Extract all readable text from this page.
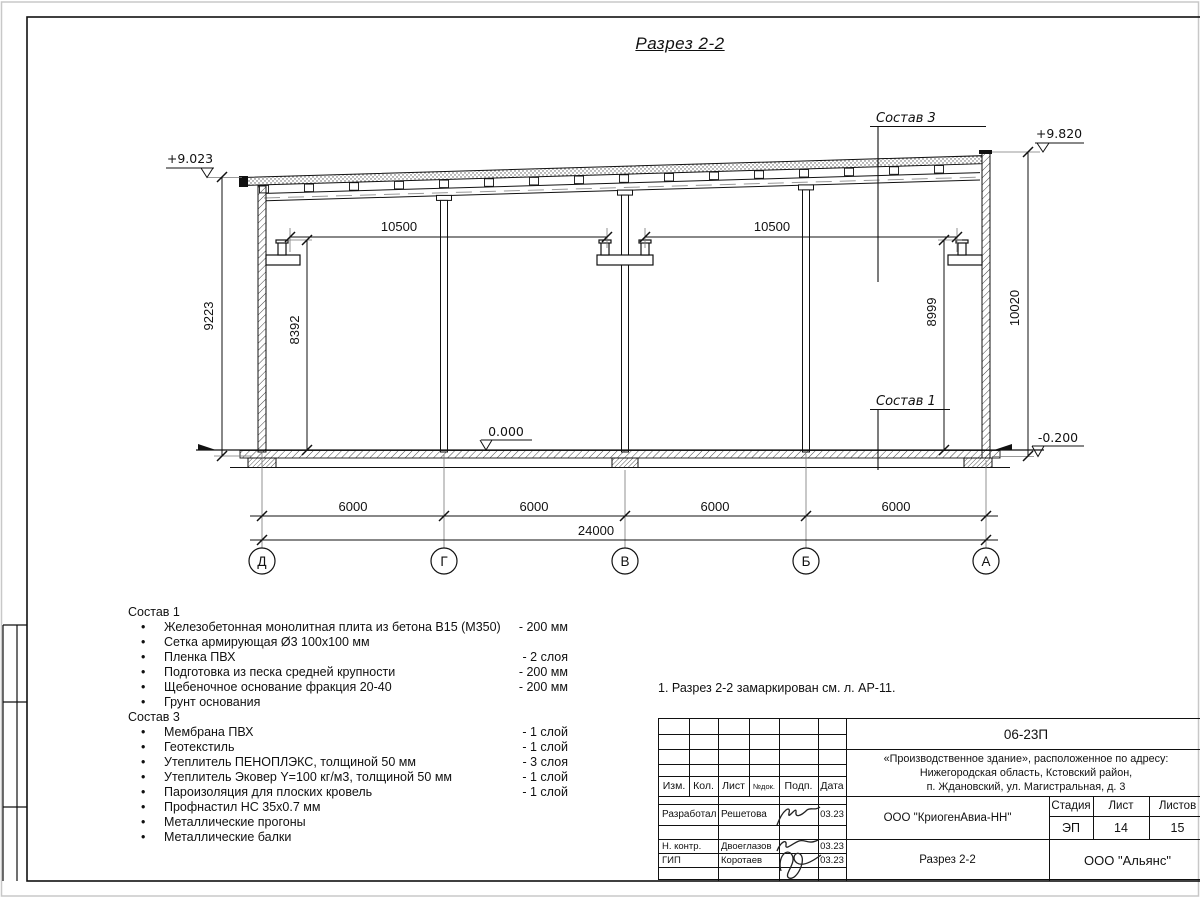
Состав 3
Состав 1
+9.023
+9.820
0.000	-0.200
10500	10500
9223	8392
8999	10020
6000	6000	6000	6000
24000
Д	Г	В	Б	А
Разрез 2-2
Состав 1
• Железобетонная монолитная плита из бетона В15 (М350)	- 200 мм
• Сетка армирующая Ø3 100х100 мм
• Пленка ПВХ	- 2 слоя
• Подготовка из песка средней крупности	- 200 мм
• Щебеночное основание фракция 20-40	- 200 мм
• Грунт основания
Состав 3
• Мембрана ПВХ	- 1 слой
• Геотекстиль	- 1 слой
• Утеплитель ПЕНОПЛЭКС, толщиной 50 мм	- 3 слоя
• Утеплитель Эковер Y=100 кг/м3, толщиной 50 мм	- 1 слой
• Пароизоляция для плоских кровель	- 1 слой
• Профнастил НС 35х0.7 мм
• Металлические прогоны
• Металлические балки
1. Разрез 2-2 замаркирован см. л. АР-11.
Изм. Кол. Лист	№док. Подп. Дата
Разработал Решетова	03.23
Н. контр.	Двоеглазов	03.23
ГИП	Коротаев	03.23
06-23П
«Производственное здание», расположенное по адресу:
Нижегородская область, Кстовский район,
п. Ждановский, ул. Магистральная, д. 3
ООО "КриогенАвиа-НН"
Разрез 2-2
Стадия	Лист	Листов
ЭП	14	15
ООО "Альянс"
